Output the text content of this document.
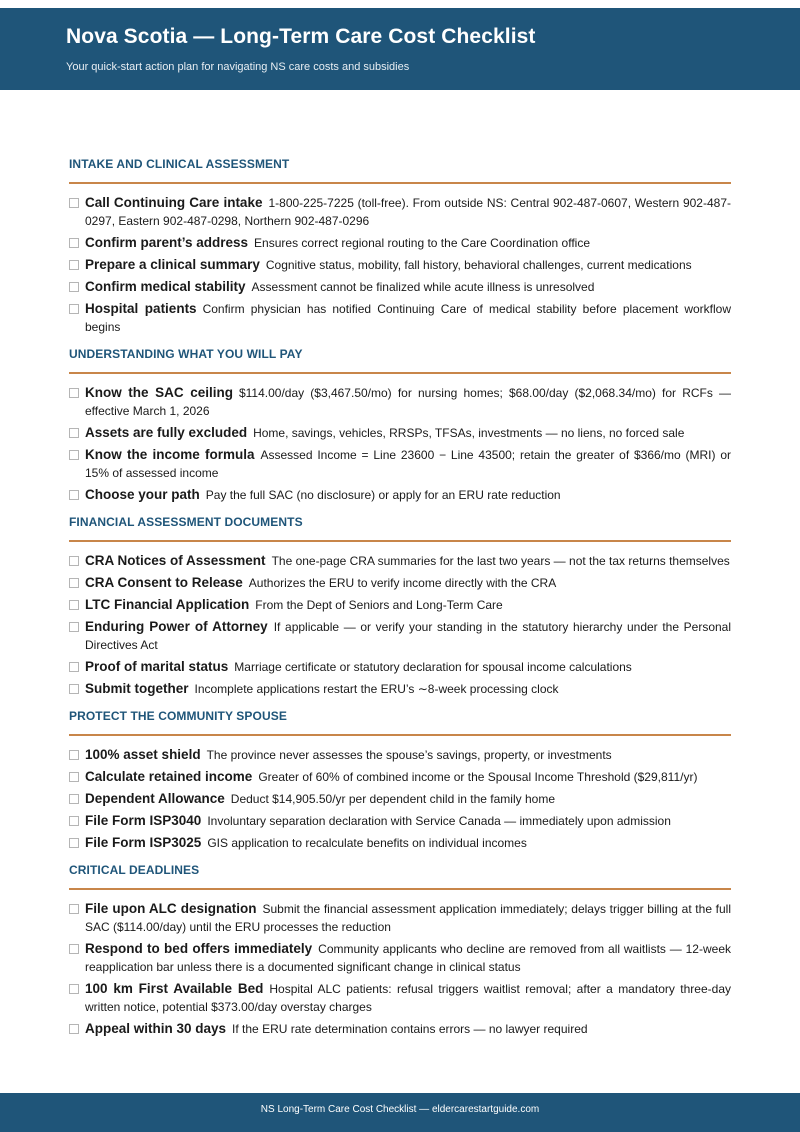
Nova Scotia — Long-Term Care Cost Checklist
Your quick-start action plan for navigating NS care costs and subsidies
INTAKE AND CLINICAL ASSESSMENT
Call Continuing Care intake 1-800-225-7225 (toll-free). From outside NS: Central 902-487-0607, Western 902-487-0297, Eastern 902-487-0298, Northern 902-487-0296
Confirm parent’s address Ensures correct regional routing to the Care Coordination office
Prepare a clinical summary Cognitive status, mobility, fall history, behavioral challenges, current medications
Confirm medical stability Assessment cannot be finalized while acute illness is unresolved
Hospital patients Confirm physician has notified Continuing Care of medical stability before placement workflow begins
UNDERSTANDING WHAT YOU WILL PAY
Know the SAC ceiling $114.00/day ($3,467.50/mo) for nursing homes; $68.00/day ($2,068.34/mo) for RCFs — effective March 1, 2026
Assets are fully excluded Home, savings, vehicles, RRSPs, TFSAs, investments — no liens, no forced sale
Know the income formula Assessed Income = Line 23600 − Line 43500; retain the greater of $366/mo (MRI) or 15% of assessed income
Choose your path Pay the full SAC (no disclosure) or apply for an ERU rate reduction
FINANCIAL ASSESSMENT DOCUMENTS
CRA Notices of Assessment The one-page CRA summaries for the last two years — not the tax returns themselves
CRA Consent to Release Authorizes the ERU to verify income directly with the CRA
LTC Financial Application From the Dept of Seniors and Long-Term Care
Enduring Power of Attorney If applicable — or verify your standing in the statutory hierarchy under the Personal Directives Act
Proof of marital status Marriage certificate or statutory declaration for spousal income calculations
Submit together Incomplete applications restart the ERU’s ∼8-week processing clock
PROTECT THE COMMUNITY SPOUSE
100% asset shield The province never assesses the spouse’s savings, property, or investments
Calculate retained income Greater of 60% of combined income or the Spousal Income Threshold ($29,811/yr)
Dependent Allowance Deduct $14,905.50/yr per dependent child in the family home
File Form ISP3040 Involuntary separation declaration with Service Canada — immediately upon admission
File Form ISP3025 GIS application to recalculate benefits on individual incomes
CRITICAL DEADLINES
File upon ALC designation Submit the financial assessment application immediately; delays trigger billing at the full SAC ($114.00/day) until the ERU processes the reduction
Respond to bed offers immediately Community applicants who decline are removed from all waitlists — 12-week reapplication bar unless there is a documented significant change in clinical status
100 km First Available Bed Hospital ALC patients: refusal triggers waitlist removal; after a mandatory three-day written notice, potential $373.00/day overstay charges
Appeal within 30 days If the ERU rate determination contains errors — no lawyer required
NS Long-Term Care Cost Checklist — eldercarestartguide.com
